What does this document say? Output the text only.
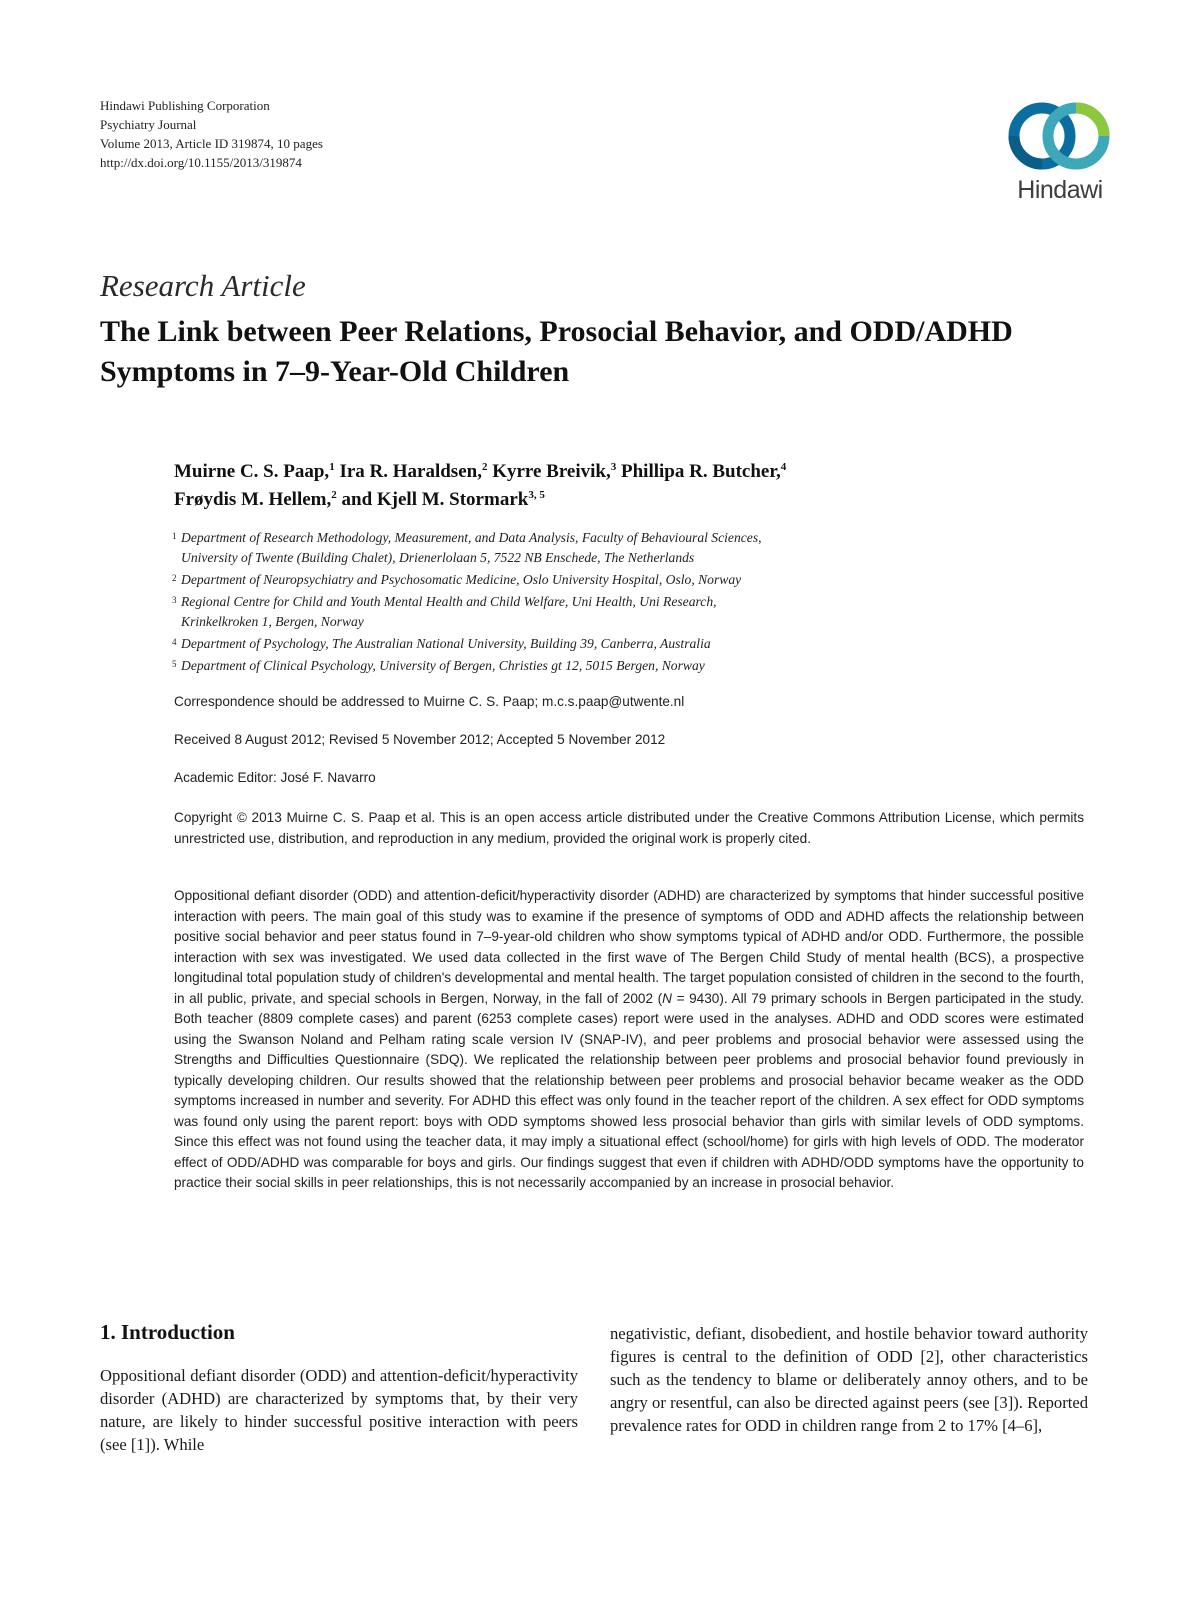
Hindawi Publishing Corporation
Psychiatry Journal
Volume 2013, Article ID 319874, 10 pages
http://dx.doi.org/10.1155/2013/319874
Hindawi
Research Article
The Link between Peer Relations, Prosocial Behavior, and ODD/ADHD Symptoms in 7–9-Year-Old Children
Muirne C. S. Paap,$^1$ Ira R. Haraldsen,$^2$ Kyrre Breivik,$^3$ Phillipa R. Butcher,$^4$
Frøydis M. Hellem,$^2$ and Kjell M. Stormark$^{3, 5}$
1 Department of Research Methodology, Measurement, and Data Analysis, Faculty of Behavioural Sciences,
University of Twente (Building Chalet), Drienerlolaan 5, 7522 NB Enschede, The Netherlands
2 Department of Neuropsychiatry and Psychosomatic Medicine, Oslo University Hospital, Oslo, Norway
3 Regional Centre for Child and Youth Mental Health and Child Welfare, Uni Health, Uni Research,
Krinkelkroken 1, Bergen, Norway
4 Department of Psychology, The Australian National University, Building 39, Canberra, Australia
5 Department of Clinical Psychology, University of Bergen, Christies gt 12, 5015 Bergen, Norway
Correspondence should be addressed to Muirne C. S. Paap; m.c.s.paap@utwente.nl
Received 8 August 2012; Revised 5 November 2012; Accepted 5 November 2012
Academic Editor: José F. Navarro
Copyright © 2013 Muirne C. S. Paap et al. This is an open access article distributed under the Creative Commons Attribution License, which permits unrestricted use, distribution, and reproduction in any medium, provided the original work is properly cited.
Oppositional defiant disorder (ODD) and attention-deficit/hyperactivity disorder (ADHD) are characterized by symptoms that hinder successful positive interaction with peers. The main goal of this study was to examine if the presence of symptoms of ODD and ADHD affects the relationship between positive social behavior and peer status found in 7–9-year-old children who show symptoms typical of ADHD and/or ODD. Furthermore, the possible interaction with sex was investigated. We used data collected in the first wave of The Bergen Child Study of mental health (BCS), a prospective longitudinal total population study of children's developmental and mental health. The target population consisted of children in the second to the fourth, in all public, private, and special schools in Bergen, Norway, in the fall of 2002 (N = 9430). All 79 primary schools in Bergen participated in the study. Both teacher (8809 complete cases) and parent (6253 complete cases) report were used in the analyses. ADHD and ODD scores were estimated using the Swanson Noland and Pelham rating scale version IV (SNAP-IV), and peer problems and prosocial behavior were assessed using the Strengths and Difficulties Questionnaire (SDQ). We replicated the relationship between peer problems and prosocial behavior found previously in typically developing children. Our results showed that the relationship between peer problems and prosocial behavior became weaker as the ODD symptoms increased in number and severity. For ADHD this effect was only found in the teacher report of the children. A sex effect for ODD symptoms was found only using the parent report: boys with ODD symptoms showed less prosocial behavior than girls with similar levels of ODD symptoms. Since this effect was not found using the teacher data, it may imply a situational effect (school/home) for girls with high levels of ODD. The moderator effect of ODD/ADHD was comparable for boys and girls. Our findings suggest that even if children with ADHD/ODD symptoms have the opportunity to practice their social skills in peer relationships, this is not necessarily accompanied by an increase in prosocial behavior.
1. Introduction
Oppositional defiant disorder (ODD) and attention-deficit/hyperactivity disorder (ADHD) are characterized by symptoms that, by their very nature, are likely to hinder successful positive interaction with peers (see [1]). While
negativistic, defiant, disobedient, and hostile behavior toward authority figures is central to the definition of ODD [2], other characteristics such as the tendency to blame or deliberately annoy others, and to be angry or resentful, can also be directed against peers (see [3]). Reported prevalence rates for ODD in children range from 2 to 17% [4–6],
